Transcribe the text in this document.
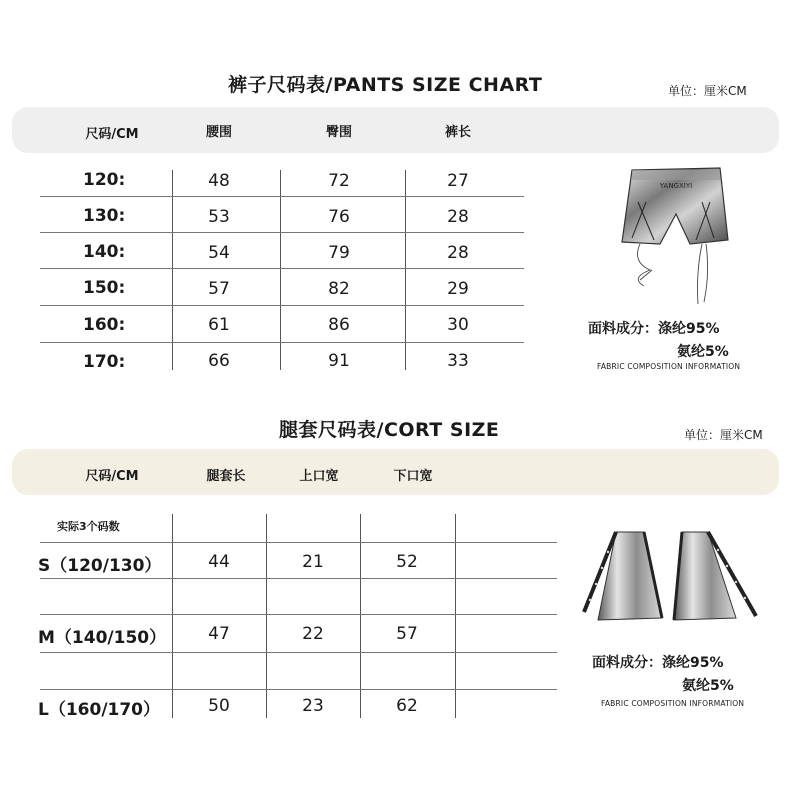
裤子尺码表/PANTS SIZE CHART	单位：厘米CM
尺码/CM	腰围	臀围	裤长
120:	48	72	27
130:	53	76	28
140:	54	79	28
150:	57	82	29
160:	61	86	30
170:	66	91	33
YANGXIYI
面料成分：涤纶95%
氨纶5%
FABRIC COMPOSITION INFORMATION
腿套尺码表/CORT SIZE	单位：厘米CM
尺码/CM	腿套长	上口宽	下口宽
实际3个码数
S（120/130）	44	21	52
M（140/150） 47	22	57
L（160/170）	50	23	62
面料成分：涤纶95%
氨纶5%
FABRIC COMPOSITION INFORMATION
